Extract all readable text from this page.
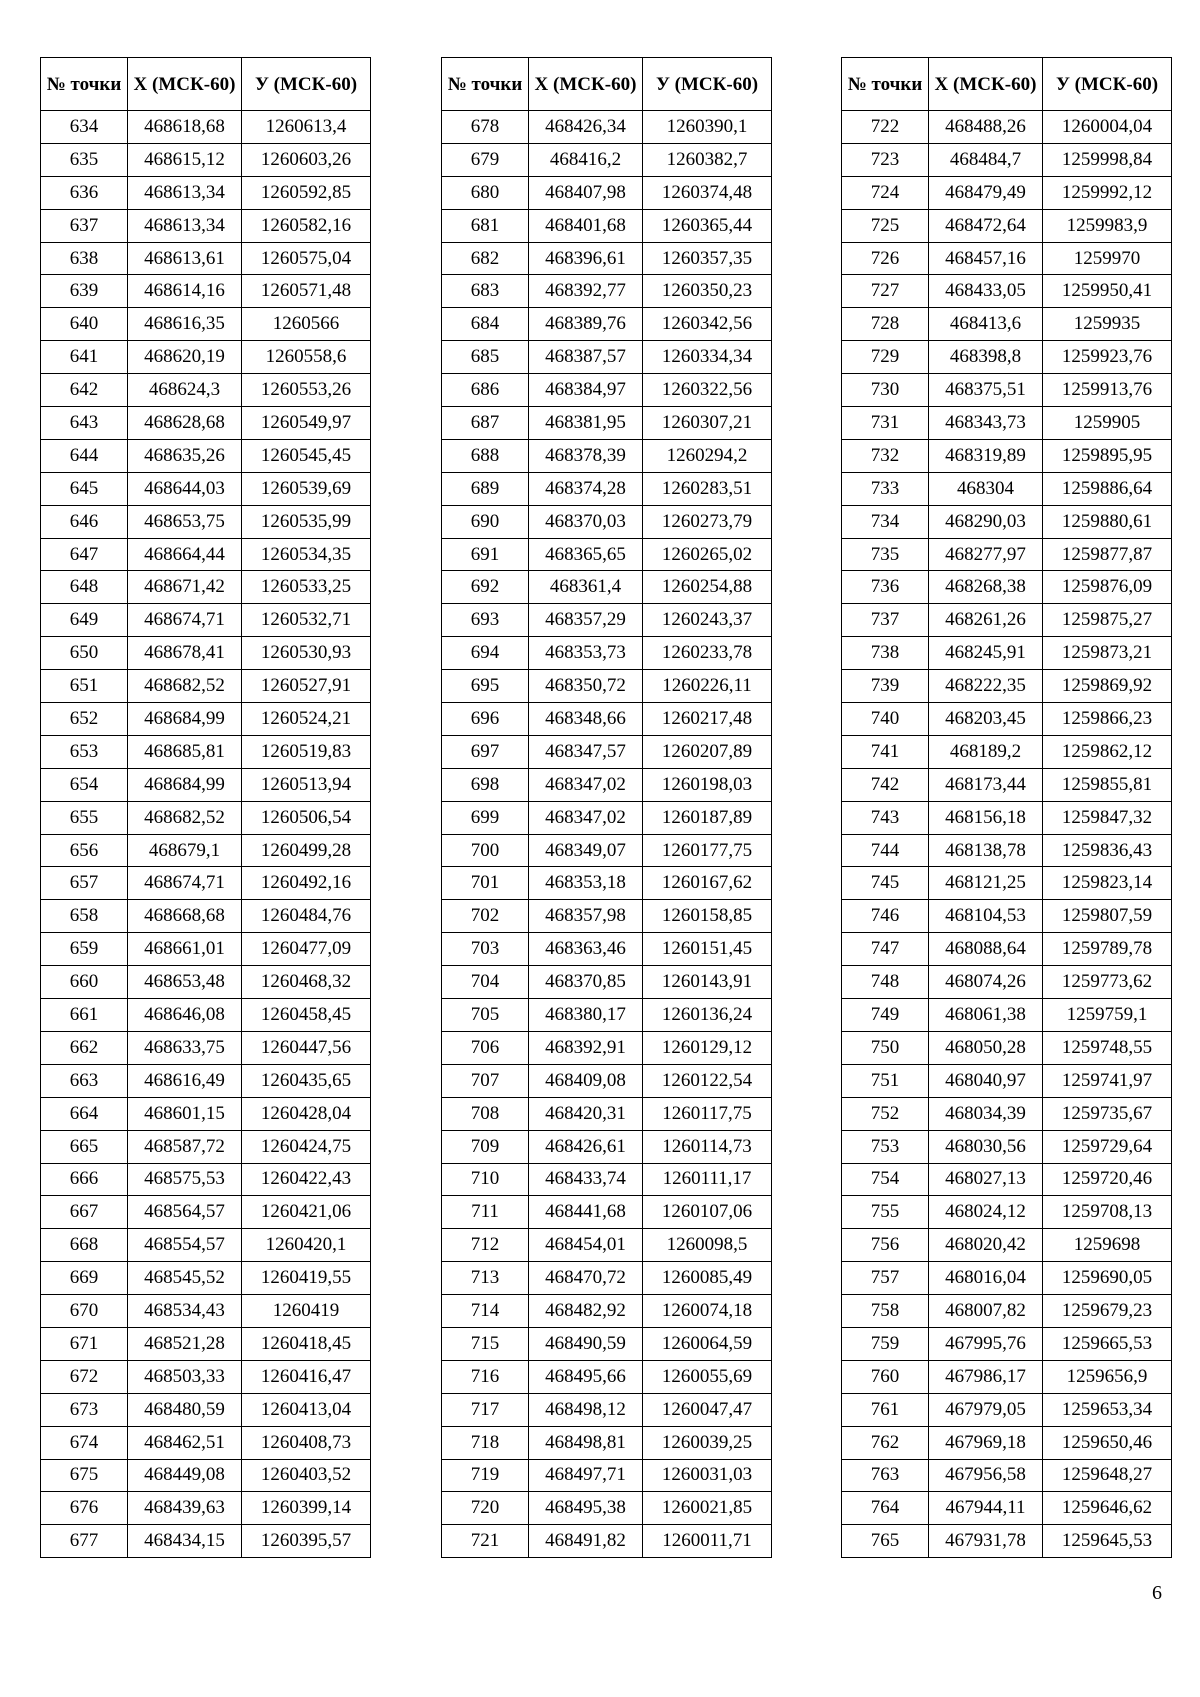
№ точки	Х (МСК-60)	У (МСК-60)
634	468618,68	1260613,4
635	468615,12	1260603,26
636	468613,34	1260592,85
637	468613,34	1260582,16
638	468613,61	1260575,04
639	468614,16	1260571,48
640	468616,35	1260566
641	468620,19	1260558,6
642	468624,3	1260553,26
643	468628,68	1260549,97
644	468635,26	1260545,45
645	468644,03	1260539,69
646	468653,75	1260535,99
647	468664,44	1260534,35
648	468671,42	1260533,25
649	468674,71	1260532,71
650	468678,41	1260530,93
651	468682,52	1260527,91
652	468684,99	1260524,21
653	468685,81	1260519,83
654	468684,99	1260513,94
655	468682,52	1260506,54
656	468679,1	1260499,28
657	468674,71	1260492,16
658	468668,68	1260484,76
659	468661,01	1260477,09
660	468653,48	1260468,32
661	468646,08	1260458,45
662	468633,75	1260447,56
663	468616,49	1260435,65
664	468601,15	1260428,04
665	468587,72	1260424,75
666	468575,53	1260422,43
667	468564,57	1260421,06
668	468554,57	1260420,1
669	468545,52	1260419,55
670	468534,43	1260419
671	468521,28	1260418,45
672	468503,33	1260416,47
673	468480,59	1260413,04
674	468462,51	1260408,73
675	468449,08	1260403,52
676	468439,63	1260399,14
677	468434,15	1260395,57
№ точки	Х (МСК-60)	У (МСК-60)
678	468426,34	1260390,1
679	468416,2	1260382,7
680	468407,98	1260374,48
681	468401,68	1260365,44
682	468396,61	1260357,35
683	468392,77	1260350,23
684	468389,76	1260342,56
685	468387,57	1260334,34
686	468384,97	1260322,56
687	468381,95	1260307,21
688	468378,39	1260294,2
689	468374,28	1260283,51
690	468370,03	1260273,79
691	468365,65	1260265,02
692	468361,4	1260254,88
693	468357,29	1260243,37
694	468353,73	1260233,78
695	468350,72	1260226,11
696	468348,66	1260217,48
697	468347,57	1260207,89
698	468347,02	1260198,03
699	468347,02	1260187,89
700	468349,07	1260177,75
701	468353,18	1260167,62
702	468357,98	1260158,85
703	468363,46	1260151,45
704	468370,85	1260143,91
705	468380,17	1260136,24
706	468392,91	1260129,12
707	468409,08	1260122,54
708	468420,31	1260117,75
709	468426,61	1260114,73
710	468433,74	1260111,17
711	468441,68	1260107,06
712	468454,01	1260098,5
713	468470,72	1260085,49
714	468482,92	1260074,18
715	468490,59	1260064,59
716	468495,66	1260055,69
717	468498,12	1260047,47
718	468498,81	1260039,25
719	468497,71	1260031,03
720	468495,38	1260021,85
721	468491,82	1260011,71
№ точки	Х (МСК-60)	У (МСК-60)
722	468488,26	1260004,04
723	468484,7	1259998,84
724	468479,49	1259992,12
725	468472,64	1259983,9
726	468457,16	1259970
727	468433,05	1259950,41
728	468413,6	1259935
729	468398,8	1259923,76
730	468375,51	1259913,76
731	468343,73	1259905
732	468319,89	1259895,95
733	468304	1259886,64
734	468290,03	1259880,61
735	468277,97	1259877,87
736	468268,38	1259876,09
737	468261,26	1259875,27
738	468245,91	1259873,21
739	468222,35	1259869,92
740	468203,45	1259866,23
741	468189,2	1259862,12
742	468173,44	1259855,81
743	468156,18	1259847,32
744	468138,78	1259836,43
745	468121,25	1259823,14
746	468104,53	1259807,59
747	468088,64	1259789,78
748	468074,26	1259773,62
749	468061,38	1259759,1
750	468050,28	1259748,55
751	468040,97	1259741,97
752	468034,39	1259735,67
753	468030,56	1259729,64
754	468027,13	1259720,46
755	468024,12	1259708,13
756	468020,42	1259698
757	468016,04	1259690,05
758	468007,82	1259679,23
759	467995,76	1259665,53
760	467986,17	1259656,9
761	467979,05	1259653,34
762	467969,18	1259650,46
763	467956,58	1259648,27
764	467944,11	1259646,62
765	467931,78	1259645,53
6
